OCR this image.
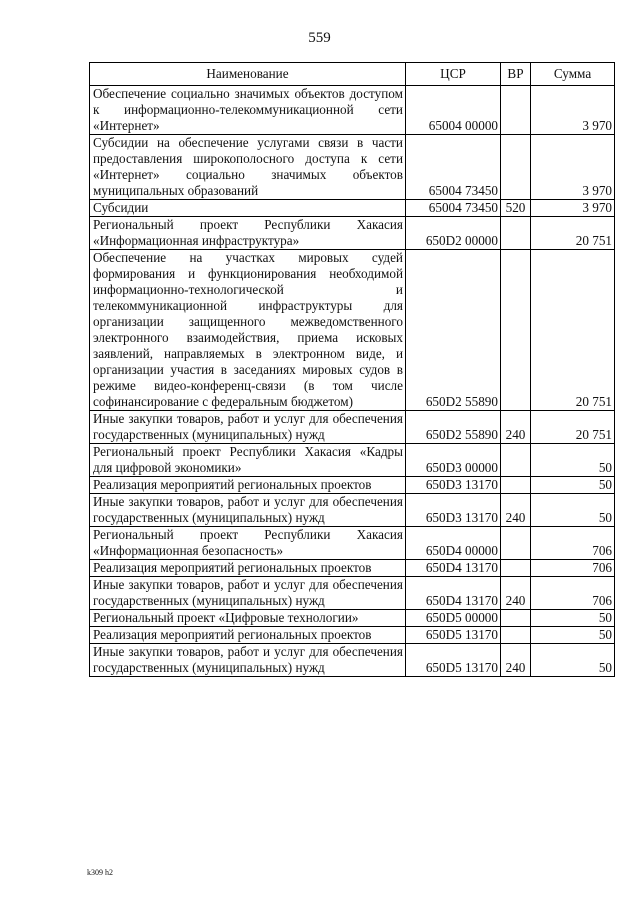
559
Наименование	ЦСР	ВР	Сумма
Обеспечение социально значимых объектов доступом к информационно-телекоммуникационной сети «Интернет»	65004 00000		3 970
Субсидии на обеспечение услугами связи в части предоставления широкополосного доступа к сети «Интернет» социально значимых объектов муниципальных образований	65004 73450		3 970
Субсидии	65004 73450	520	3 970
Региональный проект Республики Хакасия «Информационная инфраструктура»	650D2 00000		20 751
Обеспечение на участках мировых судей формирования и функционирования необходимой информационно-технологической и телекоммуникационной инфраструктуры для организации защищенного межведомственного электронного взаимодействия, приема исковых заявлений, направляемых в электронном виде, и организации участия в заседаниях мировых судов в режиме видео-конференц-связи (в том числе софинансирование с федеральным бюджетом)	650D2 55890		20 751
Иные закупки товаров, работ и услуг для обеспечения государственных (муниципальных) нужд	650D2 55890	240	20 751
Региональный проект Республики Хакасия «Кадры для цифровой экономики»	650D3 00000		50
Реализация мероприятий региональных проектов	650D3 13170		50
Иные закупки товаров, работ и услуг для обеспечения государственных (муниципальных) нужд	650D3 13170	240	50
Региональный проект Республики Хакасия «Информационная безопасность»	650D4 00000		706
Реализация мероприятий региональных проектов	650D4 13170		706
Иные закупки товаров, работ и услуг для обеспечения государственных (муниципальных) нужд	650D4 13170	240	706
Региональный проект «Цифровые технологии»	650D5 00000		50
Реализация мероприятий региональных проектов	650D5 13170		50
Иные закупки товаров, работ и услуг для обеспечения государственных (муниципальных) нужд	650D5 13170	240	50
k309 h2
